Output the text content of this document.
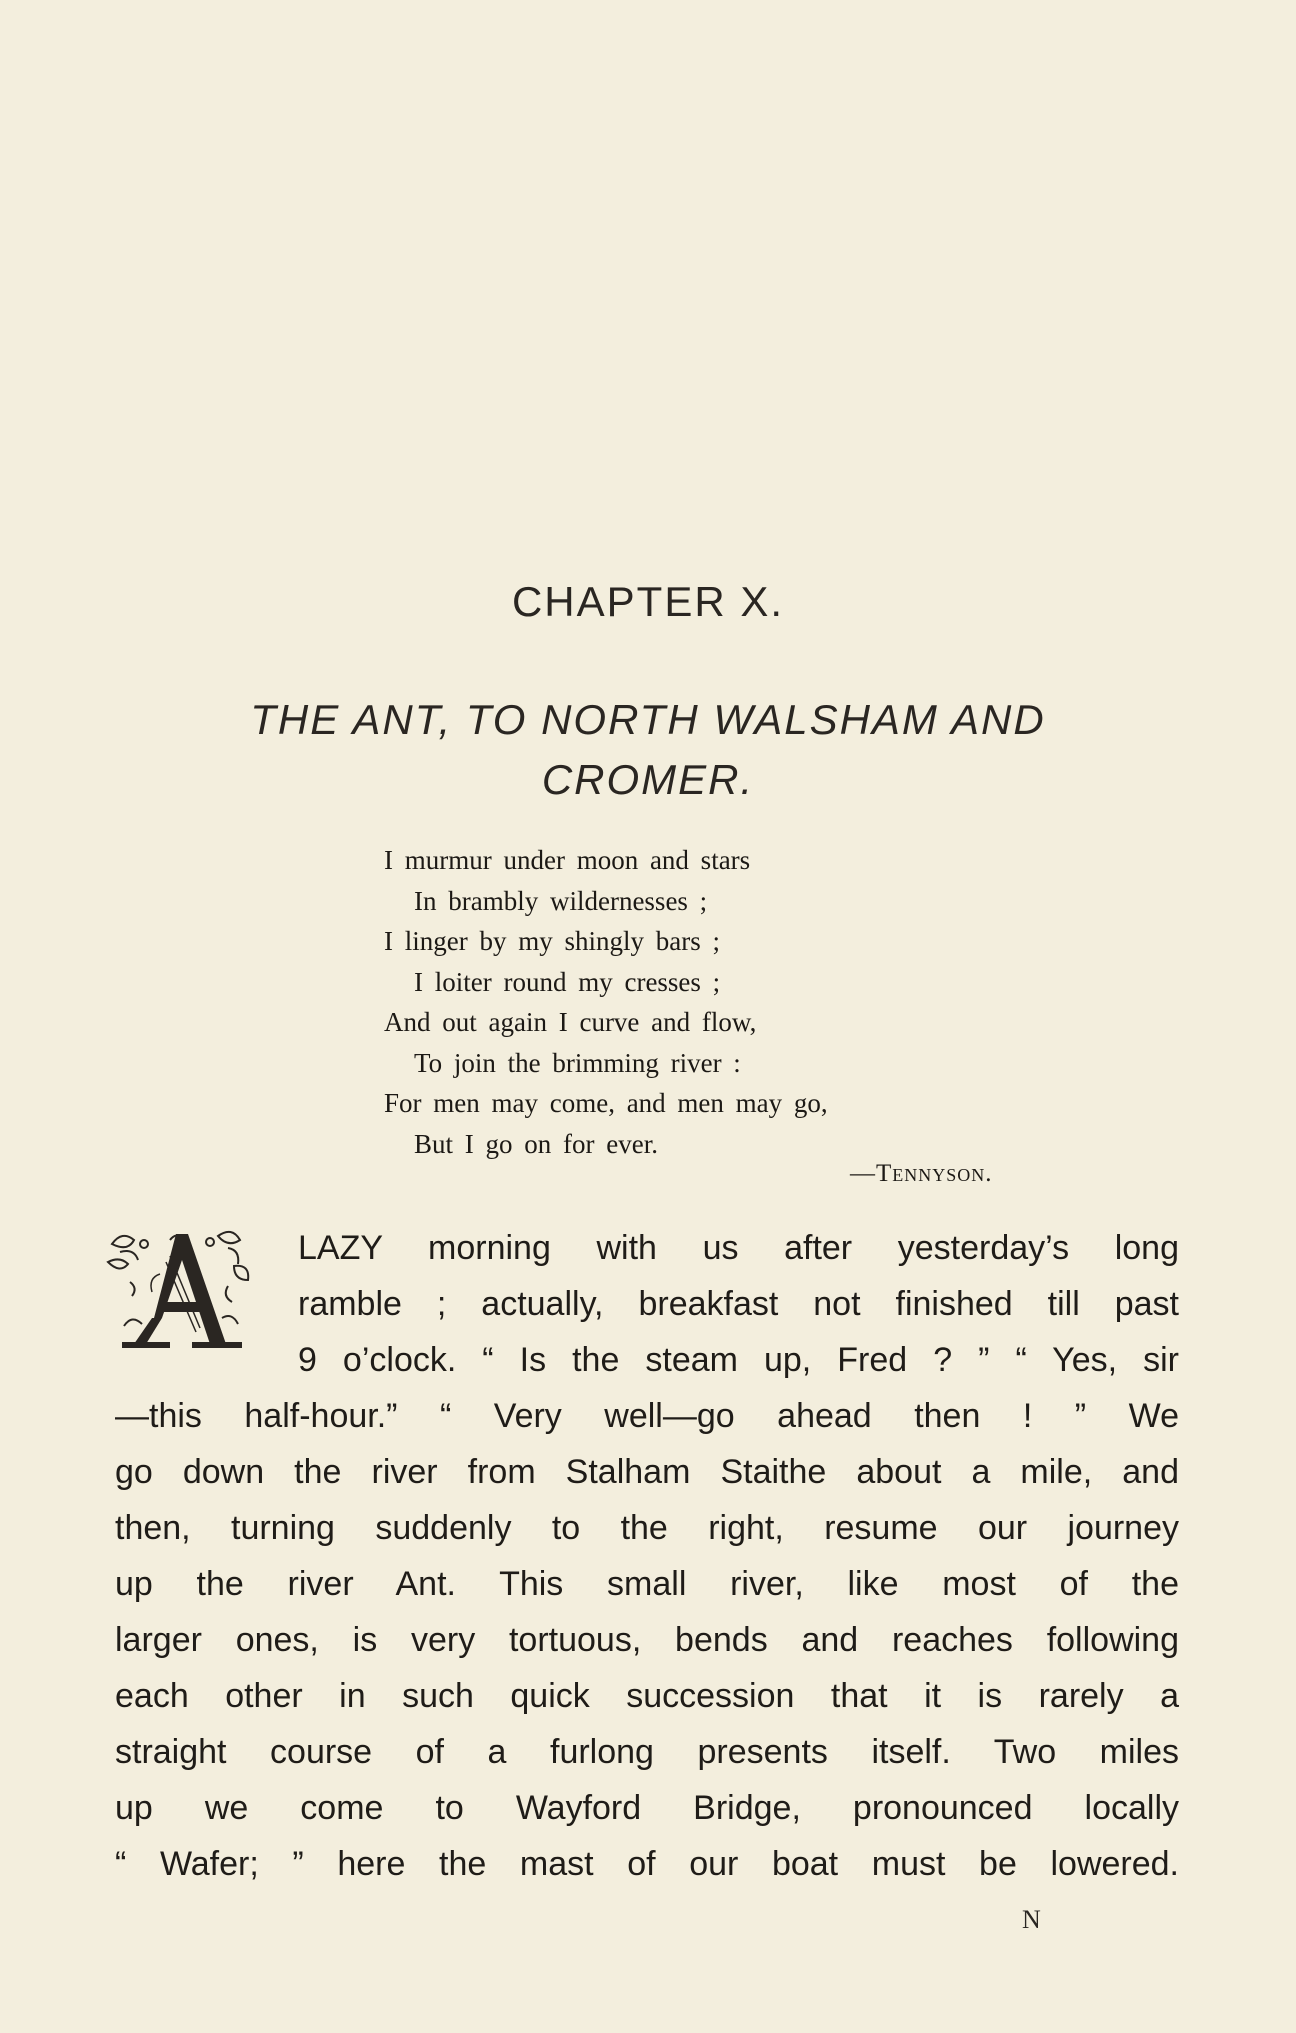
CHAPTER X.
THE ANT, TO NORTH WALSHAM AND
CROMER.
I murmur under moon and stars
In brambly wildernesses ;
I linger by my shingly bars ;
I loiter round my cresses ;
And out again I curve and flow,
To join the brimming river :
For men may come, and men may go,
But I go on for ever.
—Tennyson.
A
LAZY morning with us after yesterday’s long
ramble ; actually, breakfast not finished till past
9 o’clock. “ Is the steam up, Fred ? ” “ Yes, sir
—this half-hour.” “ Very well—go ahead then ! ” We
go down the river from Stalham Staithe about a mile, and
then, turning suddenly to the right, resume our journey
up the river Ant. This small river, like most of the
larger ones, is very tortuous, bends and reaches following
each other in such quick succession that it is rarely a
straight course of a furlong presents itself. Two miles
up we come to Wayford Bridge, pronounced locally
“ Wafer; ” here the mast of our boat must be lowered.
N
